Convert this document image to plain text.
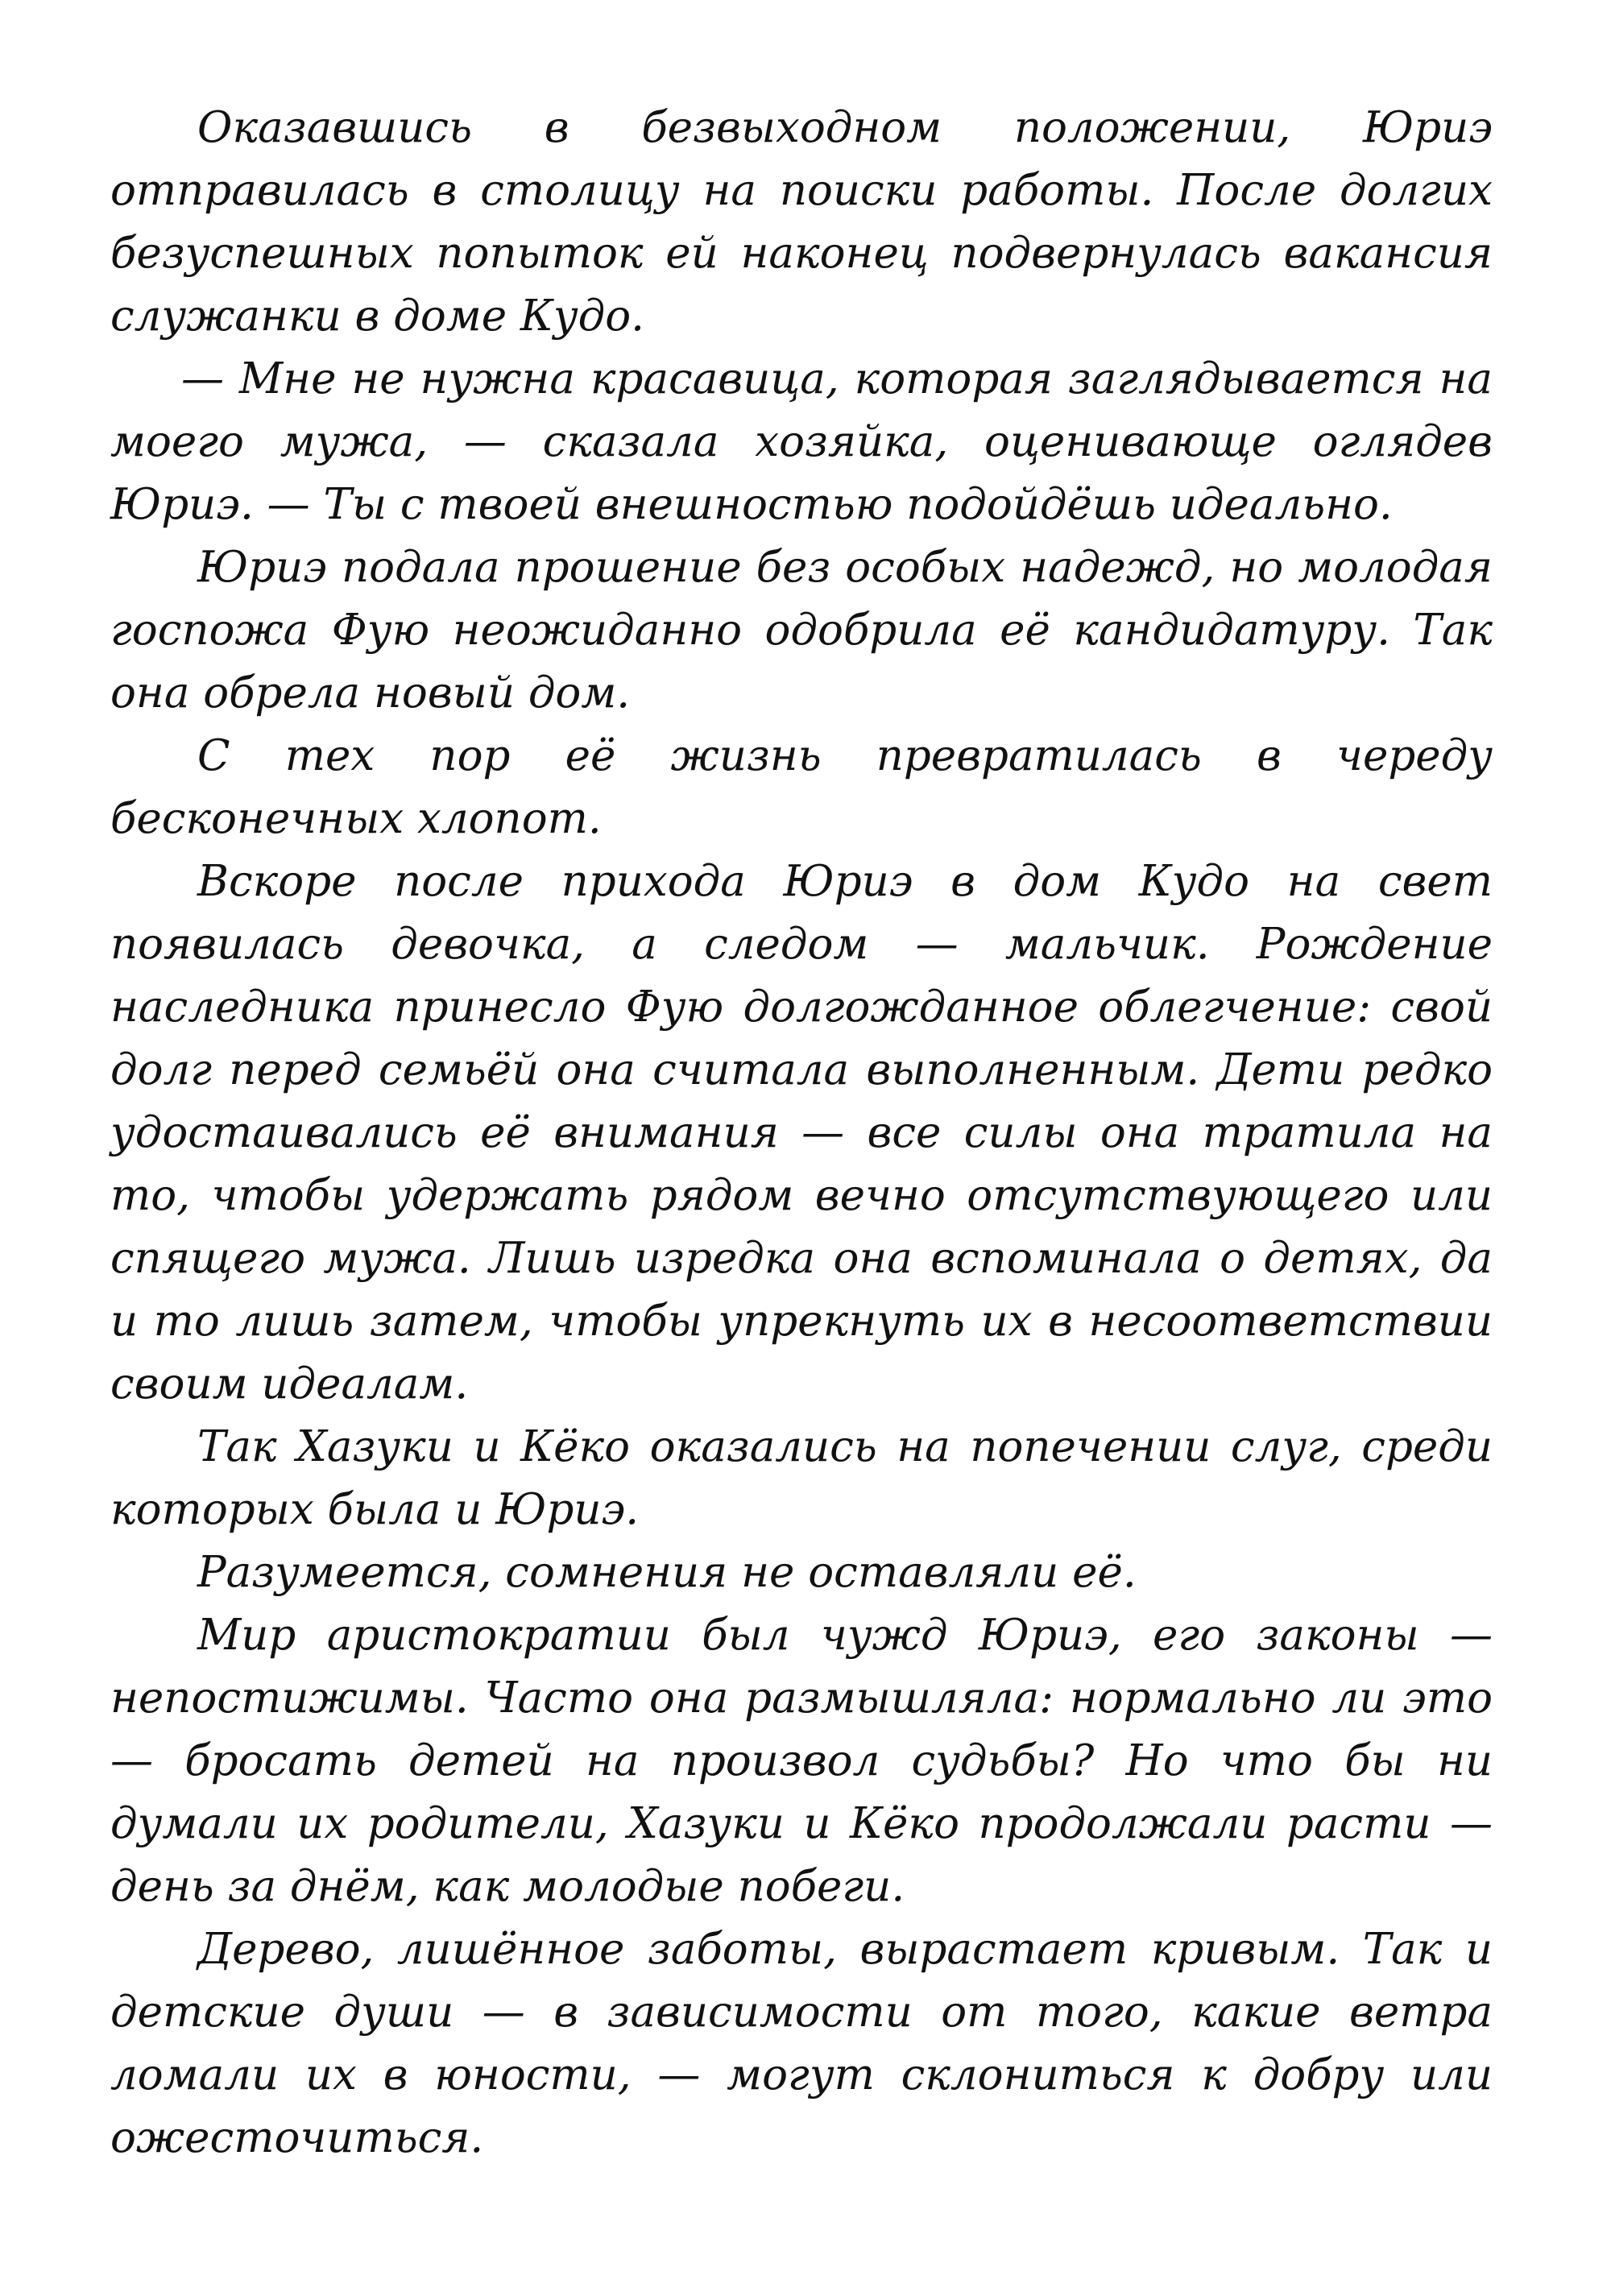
Оказавшись в безвыходном положении, Юриэ отправилась в столицу на поиски работы. После долгих безуспешных попыток ей наконец подвернулась вакансия служанки в доме Кудо.

— Мне не нужна красавица, которая заглядывается на моего мужа, — сказала хозяйка, оценивающе оглядев Юриэ. — Ты с твоей внешностью подойдёшь идеально.

Юриэ подала прошение без особых надежд, но молодая госпожа Фую неожиданно одобрила её кандидатуру. Так она обрела новый дом.

С тех пор её жизнь превратилась в череду бесконечных хлопот.

Вскоре после прихода Юриэ в дом Кудо на свет появилась девочка, а следом — мальчик. Рождение наследника принесло Фую долгожданное облегчение: свой долг перед семьёй она считала выполненным. Дети редко удостаивались её внимания — все силы она тратила на то, чтобы удержать рядом вечно отсутствующего или спящего мужа. Лишь изредка она вспоминала о детях, да и то лишь затем, чтобы упрекнуть их в несоответствии своим идеалам.

Так Хазуки и Кёко оказались на попечении слуг, среди которых была и Юриэ.

Разумеется, сомнения не оставляли её.

Мир аристократии был чужд Юриэ, его законы — непостижимы. Часто она размышляла: нормально ли это — бросать детей на произвол судьбы? Но что бы ни думали их родители, Хазуки и Кёко продолжали расти — день за днём, как молодые побеги.

Дерево, лишённое заботы, вырастает кривым. Так и детские души — в зависимости от того, какие ветра ломали их в юности, — могут склониться к добру или ожесточиться.
